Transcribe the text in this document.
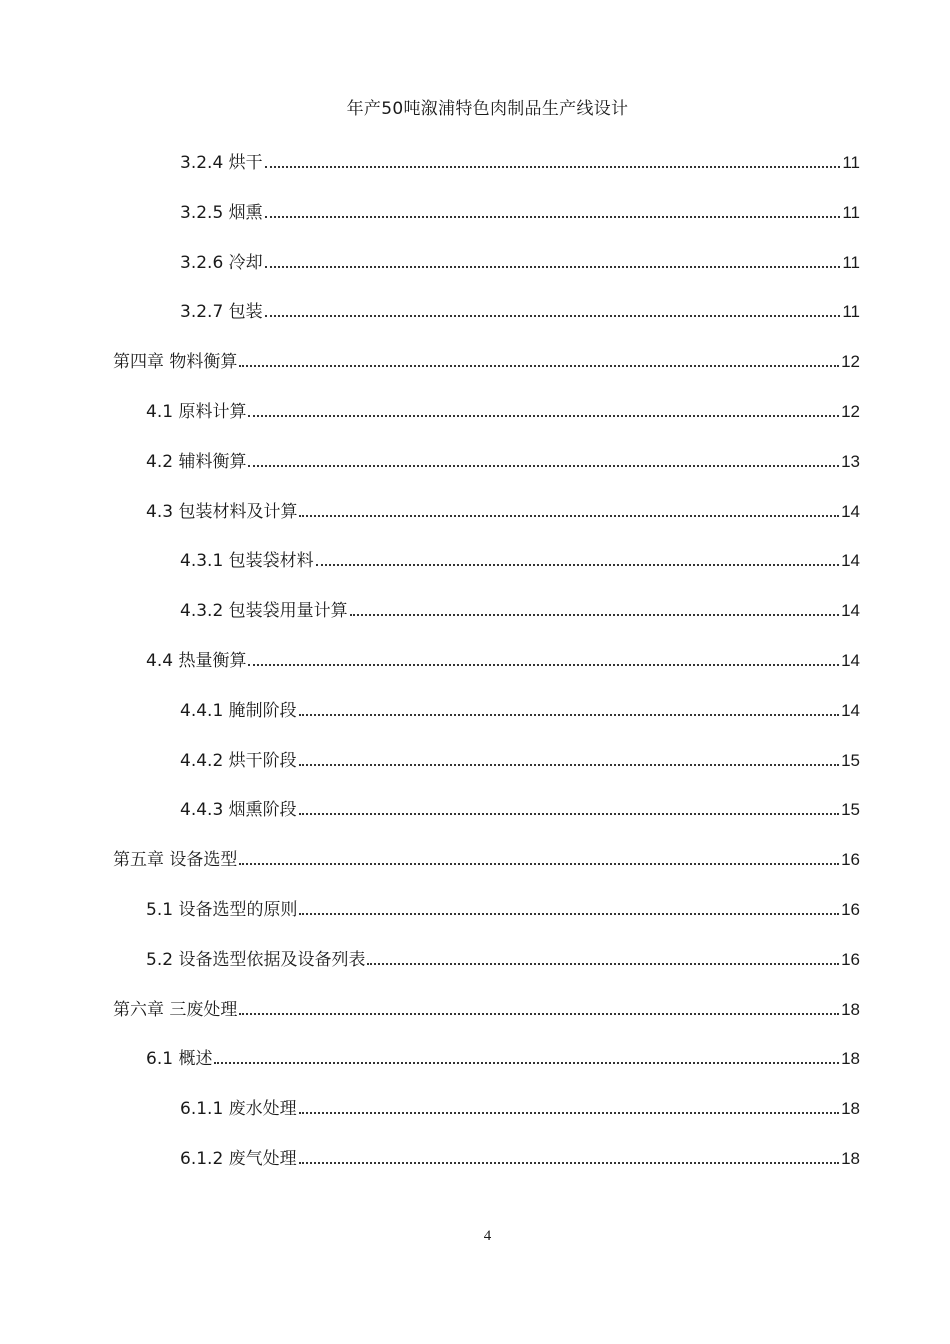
年产50吨溆浦特色肉制品生产线设计
3.2.4 烘干	11
3.2.5 烟熏	11
3.2.6 冷却	11
3.2.7 包装	11
第四章 物料衡算	12
4.1 原料计算	12
4.2 辅料衡算	13
4.3 包装材料及计算	14
4.3.1 包装袋材料	14
4.3.2 包装袋用量计算	14
4.4 热量衡算	14
4.4.1 腌制阶段	14
4.4.2 烘干阶段	15
4.4.3 烟熏阶段	15
第五章 设备选型	16
5.1 设备选型的原则	16
5.2 设备选型依据及设备列表	16
第六章 三废处理	18
6.1 概述	18
6.1.1 废水处理	18
6.1.2 废气处理	18
4
